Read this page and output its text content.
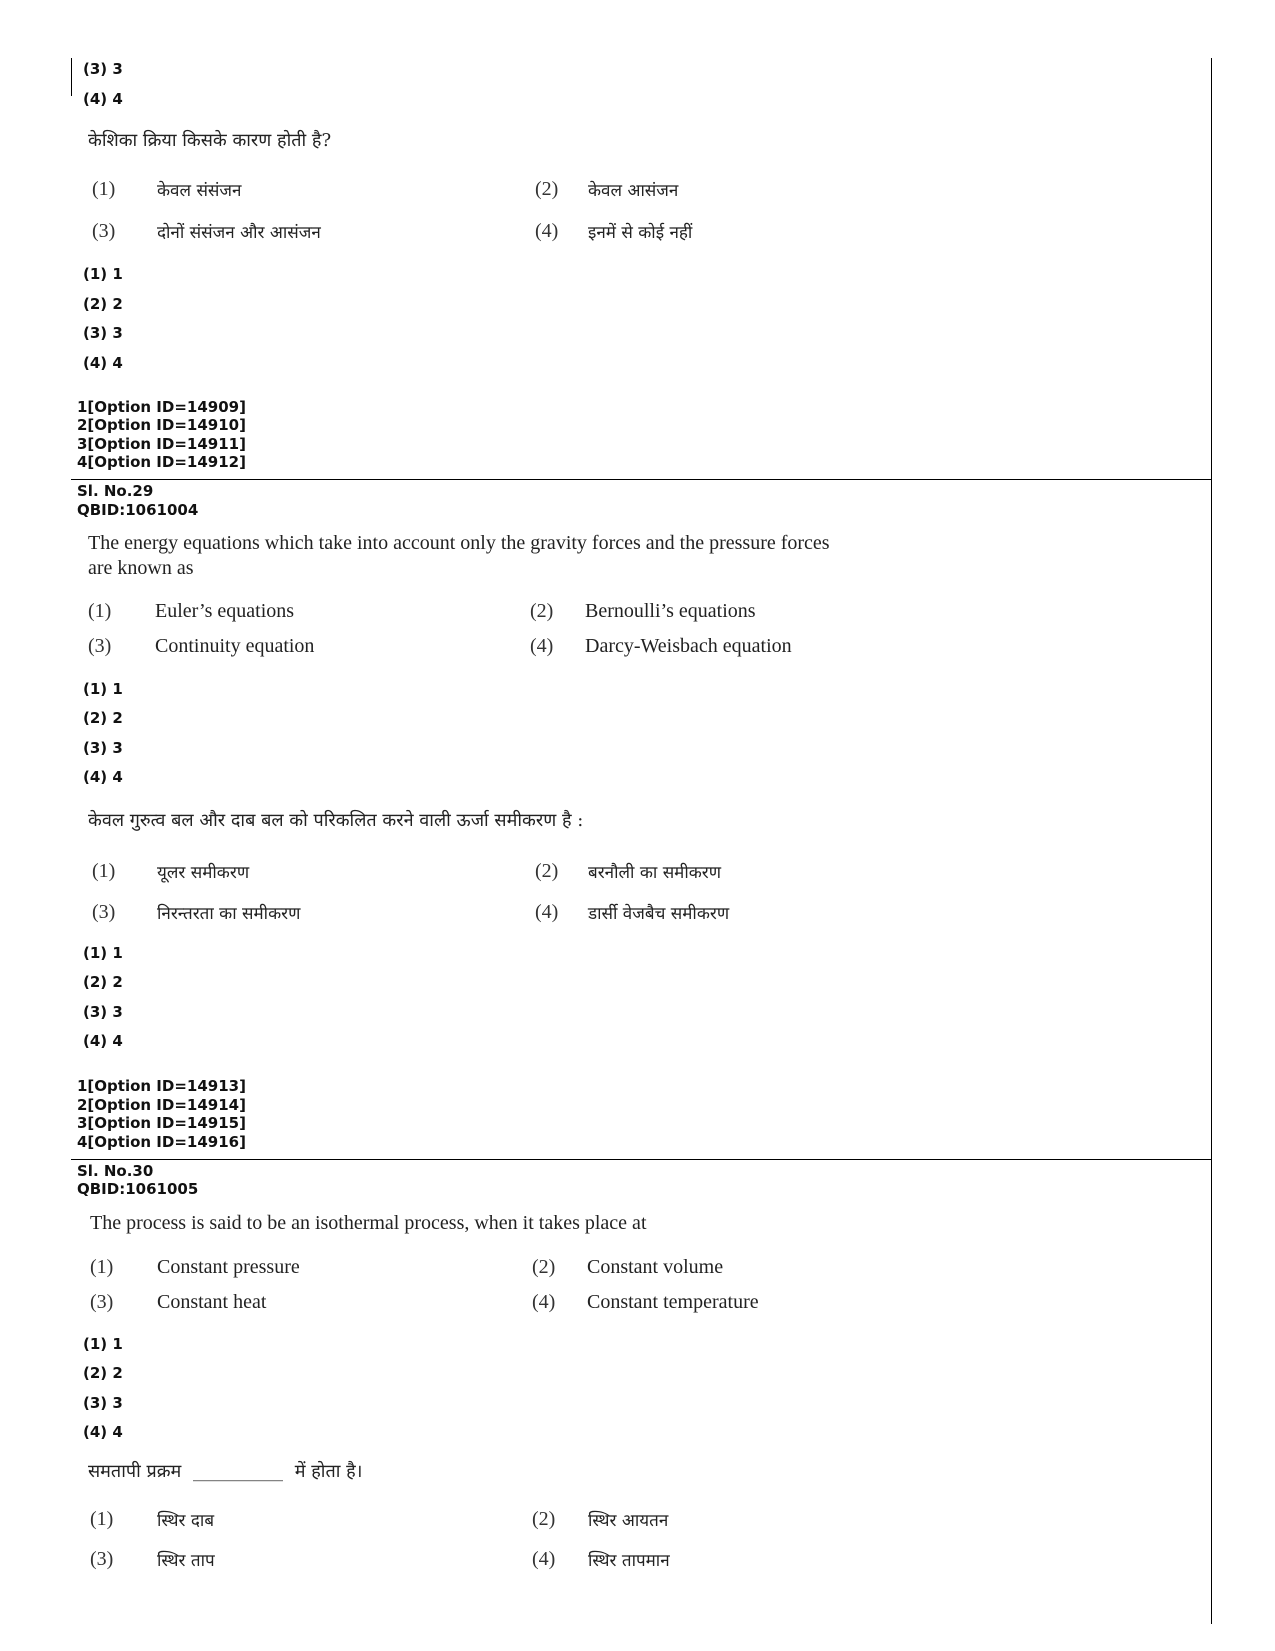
(3) 3
(4) 4
केशिका क्रिया किसके कारण होती है?
(1) केवल संसंजन	(2) केवल आसंजन
(3) दोनों संसंजन और आसंजन	(4) इनमें से कोई नहीं
(1) 1
(2) 2
(3) 3
(4) 4
1[Option ID=14909]
2[Option ID=14910]
3[Option ID=14911]
4[Option ID=14912]
Sl. No.29
QBID:1061004
The energy equations which take into account only the gravity forces and the pressure forces
are known as
(1) Euler’s equations	(2) Bernoulli’s equations
(3) Continuity equation	(4) Darcy-Weisbach equation
(1) 1
(2) 2
(3) 3
(4) 4
केवल गुरुत्व बल और दाब बल को परिकलित करने वाली ऊर्जा समीकरण है :
(1) यूलर समीकरण	(2) बरनौली का समीकरण
(3) निरन्तरता का समीकरण	(4) डार्सी वेजबैच समीकरण
(1) 1
(2) 2
(3) 3
(4) 4
1[Option ID=14913]
2[Option ID=14914]
3[Option ID=14915]
4[Option ID=14916]
Sl. No.30
QBID:1061005
The process is said to be an isothermal process, when it takes place at
(1) Constant pressure	(2) Constant volume
(3) Constant heat	(4) Constant temperature
(1) 1
(2) 2
(3) 3
(4) 4
समतापी प्रक्रम __________ में होता है।
(1)	स्थिर दाब	(2) स्थिर आयतन
(3)	स्थिर ताप	(4) स्थिर तापमान
